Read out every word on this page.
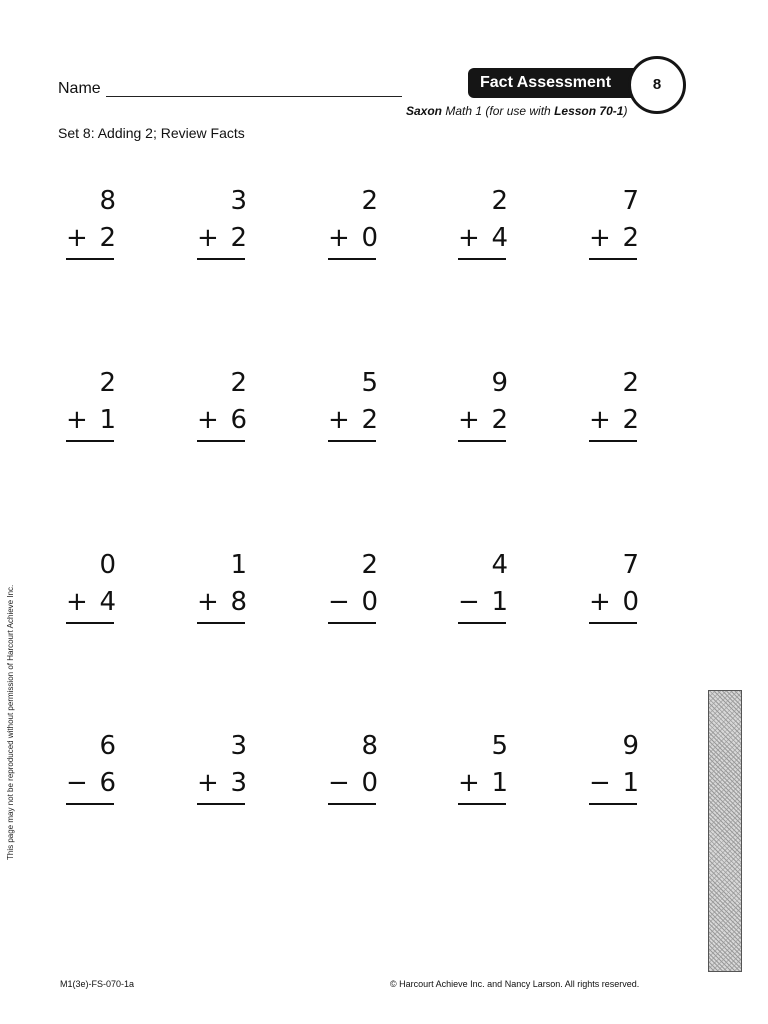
Name	Fact Assessment	8
Saxon Math 1 (for use with Lesson 70-1)
Set 8: Adding 2; Review Facts
8
+ 2
3
+ 2
2
+ 0
2
+ 4
7
+ 2
2
+ 1
2
+ 6
5
+ 2
9
+ 2
2
+ 2
0
+ 4
1
+ 8
2
− 0
4
− 1
7
+ 0
6
− 6
3
+ 3
8
− 0
5
+ 1
9
− 1
This page may not be reproduced without permission of Harcourt Achieve Inc.
M1(3e)-FS-070-1a	© Harcourt Achieve Inc. and Nancy Larson. All rights reserved.
